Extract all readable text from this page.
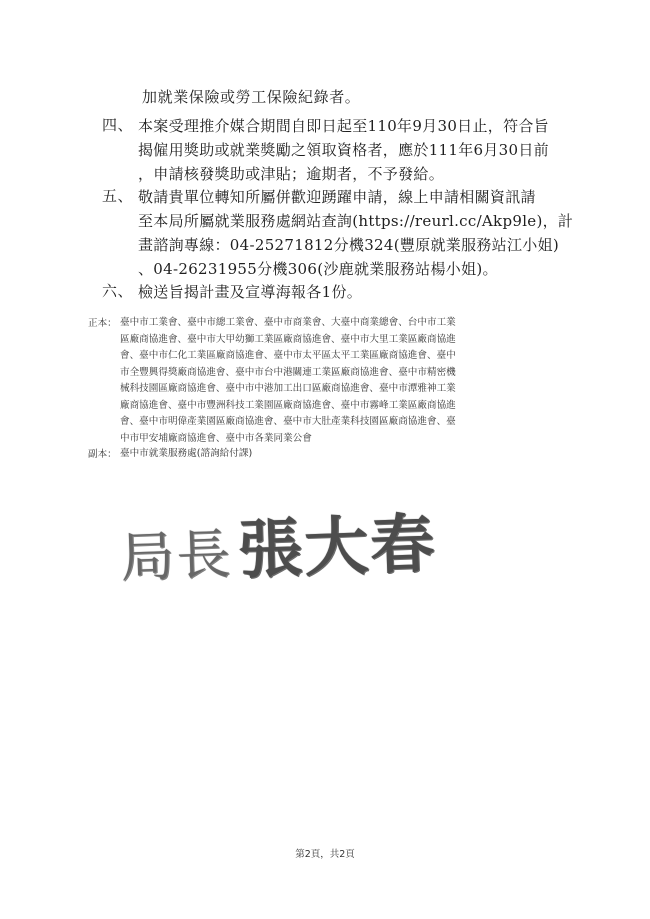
加就業保險或勞工保險紀錄者。
四、 本案受理推介媒合期間自即日起至110年9月30日止，符合旨
揭僱用獎助或就業獎勵之領取資格者，應於111年6月30日前
，申請核發獎助或津貼；逾期者，不予發給。
五、 敬請貴單位轉知所屬併歡迎踴躍申請，線上申請相關資訊請
至本局所屬就業服務處網站查詢(https://reurl.cc/Akp9le)，計
畫諮詢專線：04-25271812分機324(豐原就業服務站江小姐)
、04-26231955分機306(沙鹿就業服務站楊小姐)。
六、 檢送旨揭計畫及宣導海報各1份。
正本： 臺中市工業會、臺中市總工業會、臺中市商業會、大臺中商業總會、台中市工業
區廠商協進會、臺中市大甲幼獅工業區廠商協進會、臺中市大里工業區廠商協進
會、臺中市仁化工業區廠商協進會、臺中市太平區太平工業區廠商協進會、臺中
市全豐興得獎廠商協進會、臺中市台中港關連工業區廠商協進會、臺中市精密機
械科技園區廠商協進會、臺中市中港加工出口區廠商協進會、臺中市潭雅神工業
廠商協進會、臺中市豐洲科技工業園區廠商協進會、臺中市霧峰工業區廠商協進
會、臺中市明偉產業園區廠商協進會、臺中市大肚產業科技園區廠商協進會、臺
中市甲安埔廠商協進會、臺中市各業同業公會
副本： 臺中市就業服務處(諮詢給付課)
局長張大春
第2頁，共2頁
